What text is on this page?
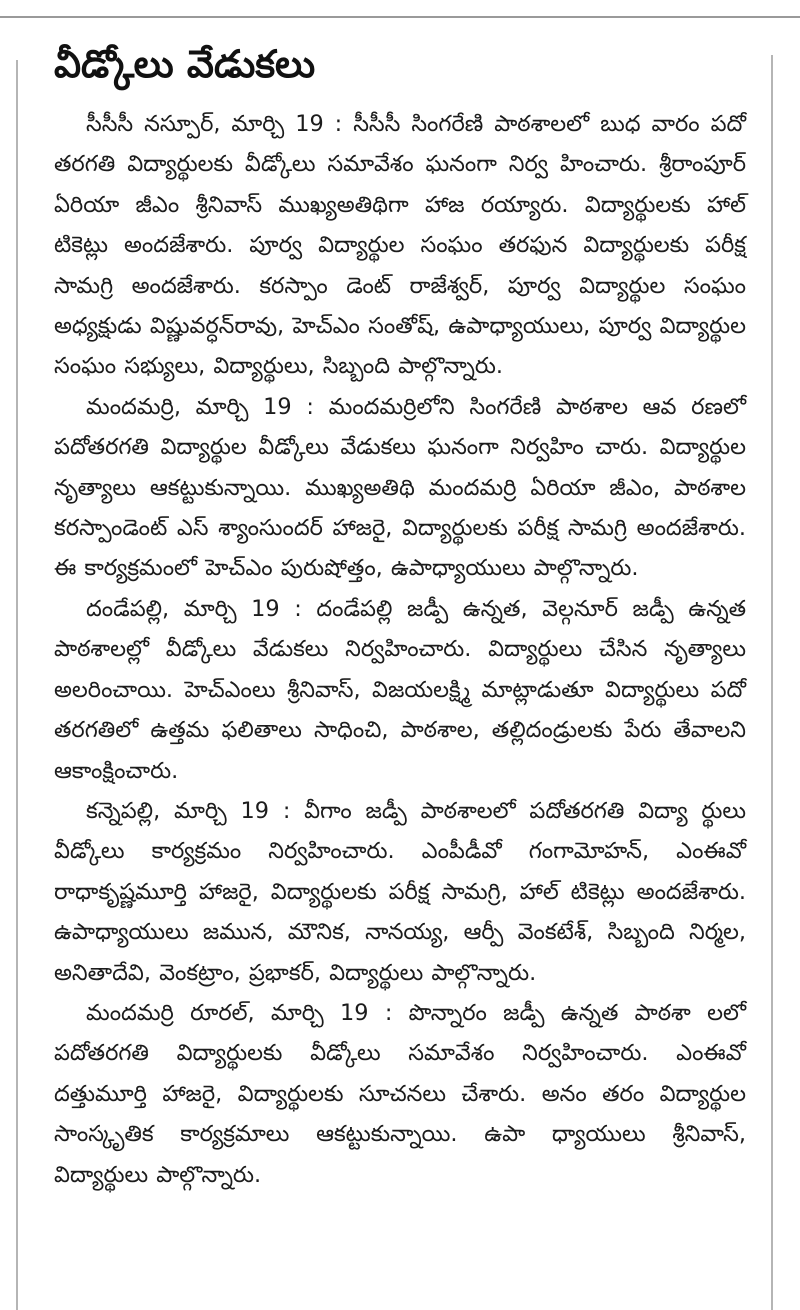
వీడ్కోలు వేడుకలు

సీసీసీ నస్పూర్, మార్చి 19 : సీసీసీ సింగరేణి పాఠశాలలో బుధ వారం పదో తరగతి విద్యార్థులకు వీడ్కోలు సమావేశం ఘనంగా నిర్వ హించారు. శ్రీరాంపూర్ ఏరియా జీఎం శ్రీనివాస్ ముఖ్యఅతిథిగా హాజ రయ్యారు. విద్యార్థులకు హాల్ టికెట్లు అందజేశారు. పూర్వ విద్యార్థుల సంఘం తరఫున విద్యార్థులకు పరీక్ష సామగ్రి అందజేశారు. కరస్పాం డెంట్ రాజేశ్వర్, పూర్వ విద్యార్థుల సంఘం అధ్యక్షుడు విష్ణువర్ధన్‌రావు, హెచ్ఎం సంతోష్, ఉపాధ్యాయులు, పూర్వ విద్యార్థుల సంఘం సభ్యులు, విద్యార్థులు, సిబ్బంది పాల్గొన్నారు.

మందమర్రి, మార్చి 19 : మందమర్రిలోని సింగరేణి పాఠశాల ఆవ రణలో పదోతరగతి విద్యార్థుల వీడ్కోలు వేడుకలు ఘనంగా నిర్వహిం చారు. విద్యార్థుల నృత్యాలు ఆకట్టుకున్నాయి. ముఖ్యఅతిథి మందమర్రి ఏరియా జీఎం, పాఠశాల కరస్పాండెంట్ ఎస్ శ్యాంసుందర్ హాజరై, విద్యార్థులకు పరీక్ష సామగ్రి అందజేశారు. ఈ కార్యక్రమంలో హెచ్ఎం పురుషోత్తం, ఉపాధ్యాయులు పాల్గొన్నారు.

దండేపల్లి, మార్చి 19 : దండేపల్లి జడ్పీ ఉన్నత, వెల్గనూర్ జడ్పీ ఉన్నత పాఠశాలల్లో వీడ్కోలు వేడుకలు నిర్వహించారు. విద్యార్థులు చేసిన నృత్యాలు అలరించాయి. హెచ్ఎంలు శ్రీనివాస్, విజయలక్ష్మి మాట్లాడుతూ విద్యార్థులు పదో తరగతిలో ఉత్తమ ఫలితాలు సాధించి, పాఠశాల, తల్లిదండ్రులకు పేరు తేవాలని ఆకాంక్షించారు.

కన్నెపల్లి, మార్చి 19 : వీగాం జడ్పీ పాఠశాలలో పదోతరగతి విద్యా ర్థులు వీడ్కోలు కార్యక్రమం నిర్వహించారు. ఎంపీడీవో గంగామోహన్, ఎంఈవో రాధాకృష్ణమూర్తి హాజరై, విద్యార్థులకు పరీక్ష సామగ్రి, హాల్ టికెట్లు అందజేశారు. ఉపాధ్యాయులు జమున, మౌనిక, నానయ్య, ఆర్పీ వెంకటేశ్, సిబ్బంది నిర్మల, అనితాదేవి, వెంకట్రాం, ప్రభాకర్, విద్యార్థులు పాల్గొన్నారు.

మందమర్రి రూరల్, మార్చి 19 : పొన్నారం జడ్పీ ఉన్నత పాఠశా లలో పదోతరగతి విద్యార్థులకు వీడ్కోలు సమావేశం నిర్వహించారు. ఎంఈవో దత్తుమూర్తి హాజరై, విద్యార్థులకు సూచనలు చేశారు. అనం తరం విద్యార్థుల సాంస్కృతిక కార్యక్రమాలు ఆకట్టుకున్నాయి. ఉపా ధ్యాయులు శ్రీనివాస్, విద్యార్థులు పాల్గొన్నారు.
